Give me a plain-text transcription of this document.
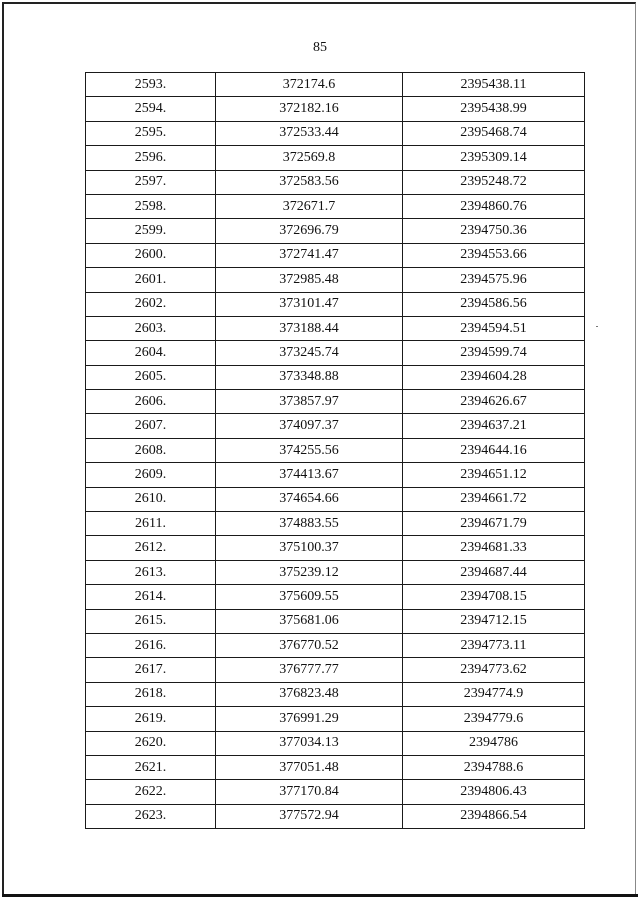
85
2593.	372174.6	2395438.11
2594.	372182.16	2395438.99
2595.	372533.44	2395468.74
2596.	372569.8	2395309.14
2597.	372583.56	2395248.72
2598.	372671.7	2394860.76
2599.	372696.79	2394750.36
2600.	372741.47	2394553.66
2601.	372985.48	2394575.96
2602.	373101.47	2394586.56
2603.	373188.44	2394594.51
2604.	373245.74	2394599.74
2605.	373348.88	2394604.28
2606.	373857.97	2394626.67
2607.	374097.37	2394637.21
2608.	374255.56	2394644.16
2609.	374413.67	2394651.12
2610.	374654.66	2394661.72
2611.	374883.55	2394671.79
2612.	375100.37	2394681.33
2613.	375239.12	2394687.44
2614.	375609.55	2394708.15
2615.	375681.06	2394712.15
2616.	376770.52	2394773.11
2617.	376777.77	2394773.62
2618.	376823.48	2394774.9
2619.	376991.29	2394779.6
2620.	377034.13	2394786
2621.	377051.48	2394788.6
2622.	377170.84	2394806.43
2623.	377572.94	2394866.54
